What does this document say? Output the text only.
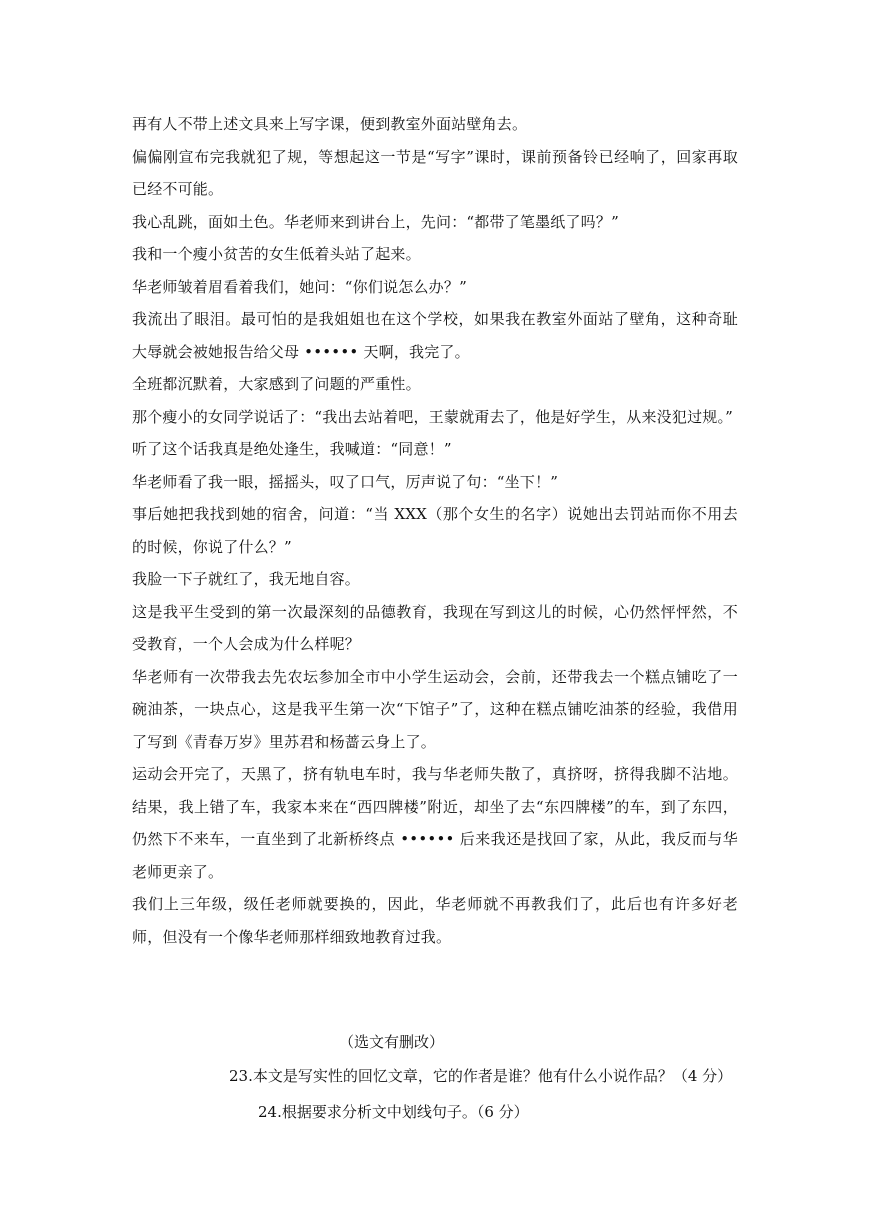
再有人不带上述文具来上写字课，便到教室外面站壁角去。

偏偏刚宣布完我就犯了规，等想起这一节是“写字”课时，课前预备铃已经响了，回家再取已经不可能。

我心乱跳，面如土色。华老师来到讲台上，先问：“都带了笔墨纸了吗？”

我和一个瘦小贫苦的女生低着头站了起来。

华老师皱着眉看着我们，她问：“你们说怎么办？”

我流出了眼泪。最可怕的是我姐姐也在这个学校，如果我在教室外面站了壁角，这种奇耻大辱就会被她报告给父母 •••••• 天啊，我完了。

全班都沉默着，大家感到了问题的严重性。

那个瘦小的女同学说话了：“我出去站着吧，王蒙就甭去了，他是好学生，从来没犯过规。”

听了这个话我真是绝处逢生，我喊道：“同意！”

华老师看了我一眼，摇摇头，叹了口气，厉声说了句：“坐下！”

事后她把我找到她的宿舍，问道：“当 XXX（那个女生的名字）说她出去罚站而你不用去的时候，你说了什么？”

我脸一下子就红了，我无地自容。

这是我平生受到的第一次最深刻的品德教育，我现在写到这儿的时候，心仍然怦怦然，不受教育，一个人会成为什么样呢？

华老师有一次带我去先农坛参加全市中小学生运动会，会前，还带我去一个糕点铺吃了一碗油茶，一块点心，这是我平生第一次“下馆子”了，这种在糕点铺吃油茶的经验，我借用了写到《青春万岁》里苏君和杨蔷云身上了。

运动会开完了，天黑了，挤有轨电车时，我与华老师失散了，真挤呀，挤得我脚不沾地。结果，我上错了车，我家本来在“西四牌楼”附近，却坐了去“东四牌楼”的车，到了东四，仍然下不来车，一直坐到了北新桥终点 •••••• 后来我还是找回了家，从此，我反而与华老师更亲了。

我们上三年级，级任老师就要换的，因此，华老师就不再教我们了，此后也有许多好老师，但没有一个像华老师那样细致地教育过我。

（选文有删改）

23.本文是写实性的回忆文章，它的作者是谁？他有什么小说作品？（4 分）

24.根据要求分析文中划线句子。（6 分）
